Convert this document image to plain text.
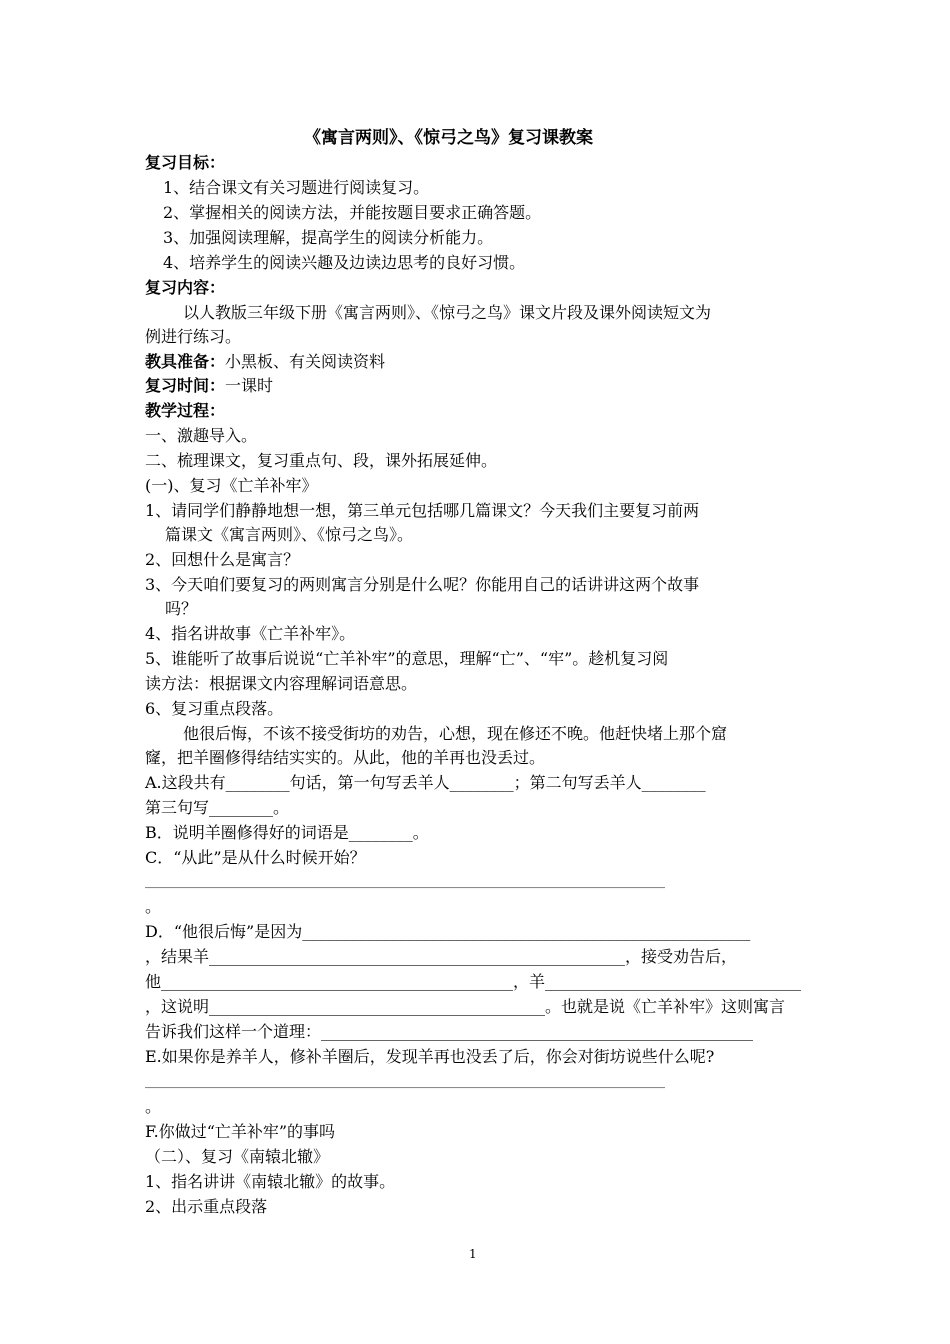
《寓言两则》、《惊弓之鸟》复习课教案
复习目标：
1、结合课文有关习题进行阅读复习。
2、掌握相关的阅读方法，并能按题目要求正确答题。
3、加强阅读理解，提高学生的阅读分析能力。
4、培养学生的阅读兴趣及边读边思考的良好习惯。
复习内容：
以人教版三年级下册《寓言两则》、《惊弓之鸟》课文片段及课外阅读短文为
例进行练习。
教具准备：小黑板、有关阅读资料
复习时间：一课时
教学过程：
一、激趣导入。
二、梳理课文，复习重点句、段，课外拓展延伸。
(一)、复习《亡羊补牢》
1、请同学们静静地想一想，第三单元包括哪几篇课文？今天我们主要复习前两
篇课文《寓言两则》、《惊弓之鸟》。
2、回想什么是寓言？
3、今天咱们要复习的两则寓言分别是什么呢？你能用自己的话讲讲这两个故事
吗？
4、指名讲故事《亡羊补牢》。
5、谁能听了故事后说说“亡羊补牢”的意思，理解“亡”、“牢”。趁机复习阅
读方法：根据课文内容理解词语意思。
6、复习重点段落。
他很后悔，不该不接受街坊的劝告，心想，现在修还不晚。他赶快堵上那个窟
窿，把羊圈修得结结实实的。从此，他的羊再也没丢过。
A.这段共有________句话，第一句写丢羊人________；第二句写丢羊人________
第三句写________。
B．说明羊圈修得好的词语是________。
C．“从此”是从什么时候开始？
________________________________________________________________________________
。
D．“他很后悔”是因为________________________________________________________
，结果羊____________________________________________________，接受劝告后，
他____________________________________________，羊________________________________
，这说明__________________________________________。也就是说《亡羊补牢》这则寓言
告诉我们这样一个道理：______________________________________________________
E.如果你是养羊人，修补羊圈后，发现羊再也没丢了后，你会对街坊说些什么呢?
________________________________________________________________________________
。
F.你做过“亡羊补牢”的事吗
（二）、复习《南辕北辙》
1、指名讲讲《南辕北辙》的故事。
2、出示重点段落
1
